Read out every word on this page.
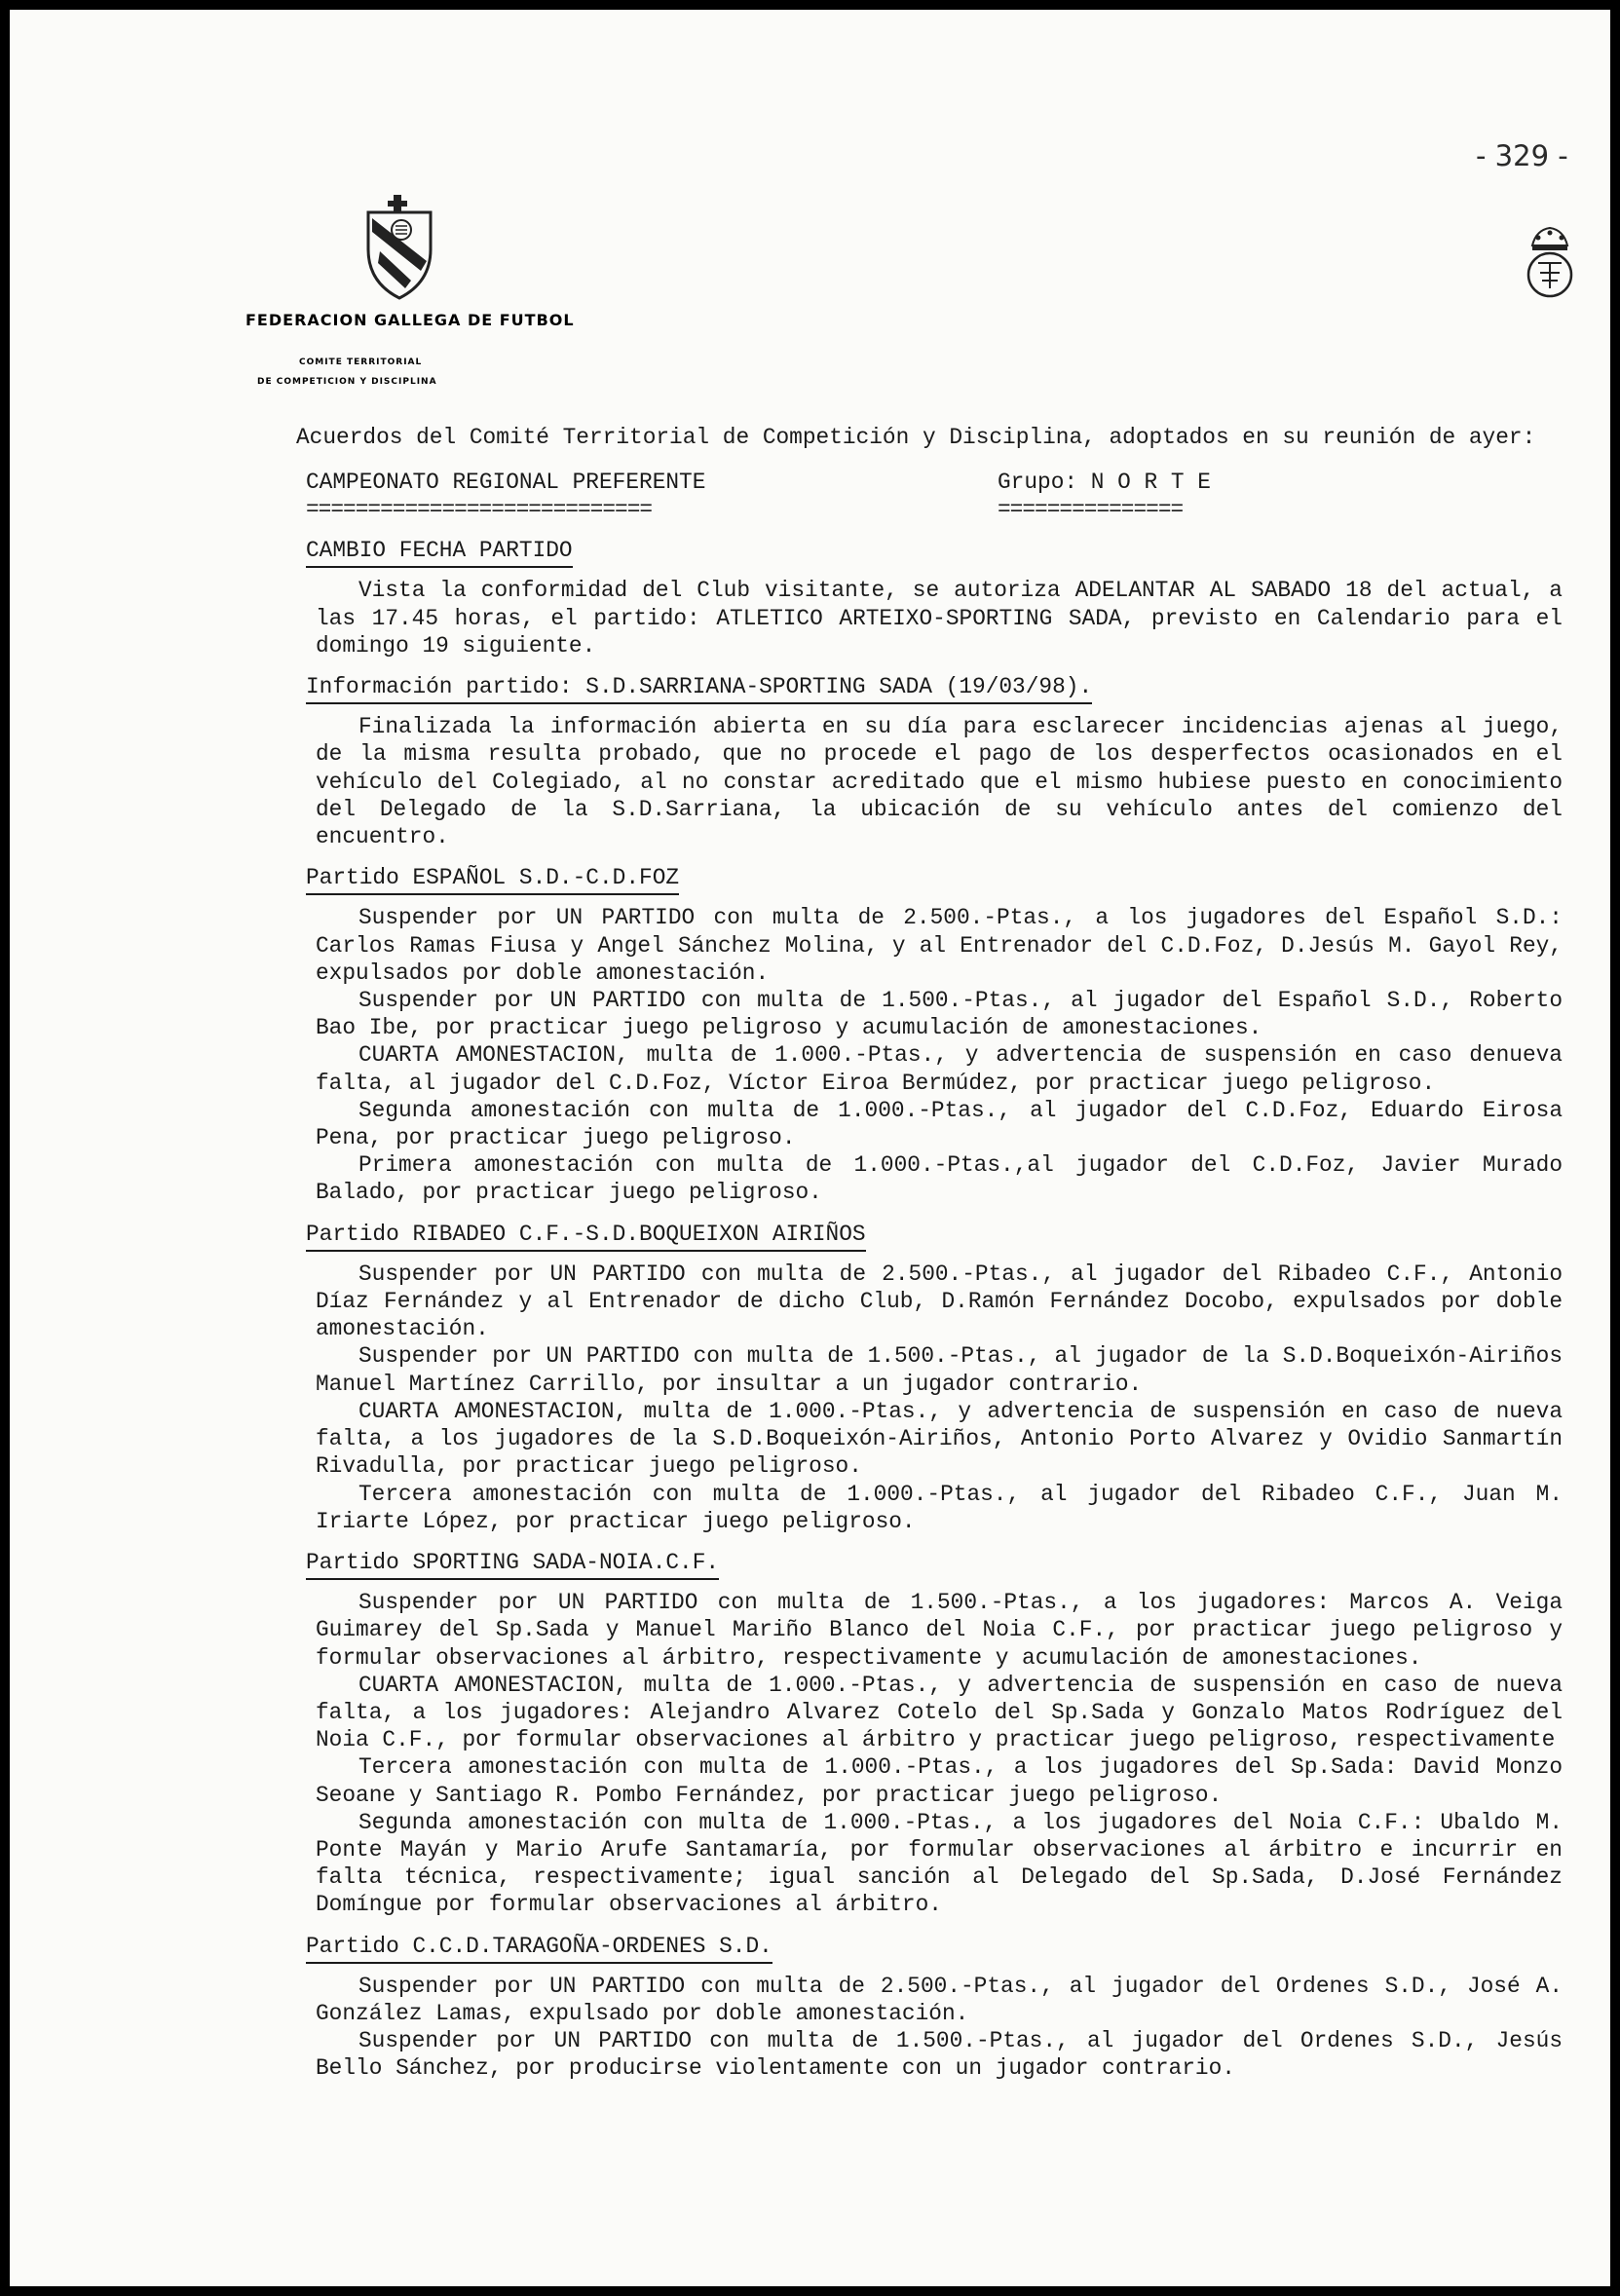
- 329 -
FEDERACION GALLEGA DE FUTBOL
COMITE TERRITORIAL
DE COMPETICION Y DISCIPLINA
Acuerdos del Comité Territorial de Competición y Disciplina, adoptados en su reunión de ayer:
CAMPEONATO REGIONAL PREFERENTE
============================
Grupo: N O R T E
===============
CAMBIO FECHA PARTIDO

Vista la conformidad del Club visitante, se autoriza ADELANTAR AL SABADO 18 del actual, a las 17.45 horas, el partido: ATLETICO ARTEIXO-SPORTING SADA, previsto en Calendario para el domingo 19 siguiente.

Información partido: S.D.SARRIANA-SPORTING SADA (19/03/98).

Finalizada la información abierta en su día para esclarecer incidencias ajenas al juego, de la misma resulta probado, que no procede el pago de los desperfectos ocasionados en el vehículo del Colegiado, al no constar acreditado que el mismo hubiese puesto en conocimiento del Delegado de la S.D.Sarriana, la ubicación de su vehículo antes del comienzo del encuentro.

Partido ESPAÑOL S.D.-C.D.FOZ

Suspender por UN PARTIDO con multa de 2.500.-Ptas., a los jugadores del Español S.D.: Carlos Ramas Fiusa y Angel Sánchez Molina, y al Entrenador del C.D.Foz, D.Jesús M. Gayol Rey, expulsados por doble amonestación.

Suspender por UN PARTIDO con multa de 1.500.-Ptas., al jugador del Español S.D., Roberto Bao Ibe, por practicar juego peligroso y acumulación de amonestaciones.

CUARTA AMONESTACION, multa de 1.000.-Ptas., y advertencia de suspensión en caso denueva falta, al jugador del C.D.Foz, Víctor Eiroa Bermúdez, por practicar juego peligroso.

Segunda amonestación con multa de 1.000.-Ptas., al jugador del C.D.Foz, Eduardo Eirosa Pena, por practicar juego peligroso.

Primera amonestación con multa de 1.000.-Ptas.,al jugador del C.D.Foz, Javier Murado Balado, por practicar juego peligroso.

Partido RIBADEO C.F.-S.D.BOQUEIXON AIRIÑOS

Suspender por UN PARTIDO con multa de 2.500.-Ptas., al jugador del Ribadeo C.F., Antonio Díaz Fernández y al Entrenador de dicho Club, D.Ramón Fernández Docobo, expulsados por doble amonestación.

Suspender por UN PARTIDO con multa de 1.500.-Ptas., al jugador de la S.D.Boqueixón-Airiños Manuel Martínez Carrillo, por insultar a un jugador contrario.

CUARTA AMONESTACION, multa de 1.000.-Ptas., y advertencia de suspensión en caso de nueva falta, a los jugadores de la S.D.Boqueixón-Airiños, Antonio Porto Alvarez y Ovidio Sanmartín Rivadulla, por practicar juego peligroso.

Tercera amonestación con multa de 1.000.-Ptas., al jugador del Ribadeo C.F., Juan M. Iriarte López, por practicar juego peligroso.

Partido SPORTING SADA-NOIA.C.F.

Suspender por UN PARTIDO con multa de 1.500.-Ptas., a los jugadores: Marcos A. Veiga Guimarey del Sp.Sada y Manuel Mariño Blanco del Noia C.F., por practicar juego peligroso y formular observaciones al árbitro, respectivamente y acumulación de amonestaciones.

CUARTA AMONESTACION, multa de 1.000.-Ptas., y advertencia de suspensión en caso de nueva falta, a los jugadores: Alejandro Alvarez Cotelo del Sp.Sada y Gonzalo Matos Rodríguez del Noia C.F., por formular observaciones al árbitro y practicar juego peligroso, respectivamente

Tercera amonestación con multa de 1.000.-Ptas., a los jugadores del Sp.Sada: David Monzo Seoane y Santiago R. Pombo Fernández, por practicar juego peligroso.

Segunda amonestación con multa de 1.000.-Ptas., a los jugadores del Noia C.F.: Ubaldo M. Ponte Mayán y Mario Arufe Santamaría, por formular observaciones al árbitro e incurrir en falta técnica, respectivamente; igual sanción al Delegado del Sp.Sada, D.José Fernández Domíngue por formular observaciones al árbitro.

Partido C.C.D.TARAGOÑA-ORDENES S.D.

Suspender por UN PARTIDO con multa de 2.500.-Ptas., al jugador del Ordenes S.D., José A. González Lamas, expulsado por doble amonestación.

Suspender por UN PARTIDO con multa de 1.500.-Ptas., al jugador del Ordenes S.D., Jesús Bello Sánchez, por producirse violentamente con un jugador contrario.
